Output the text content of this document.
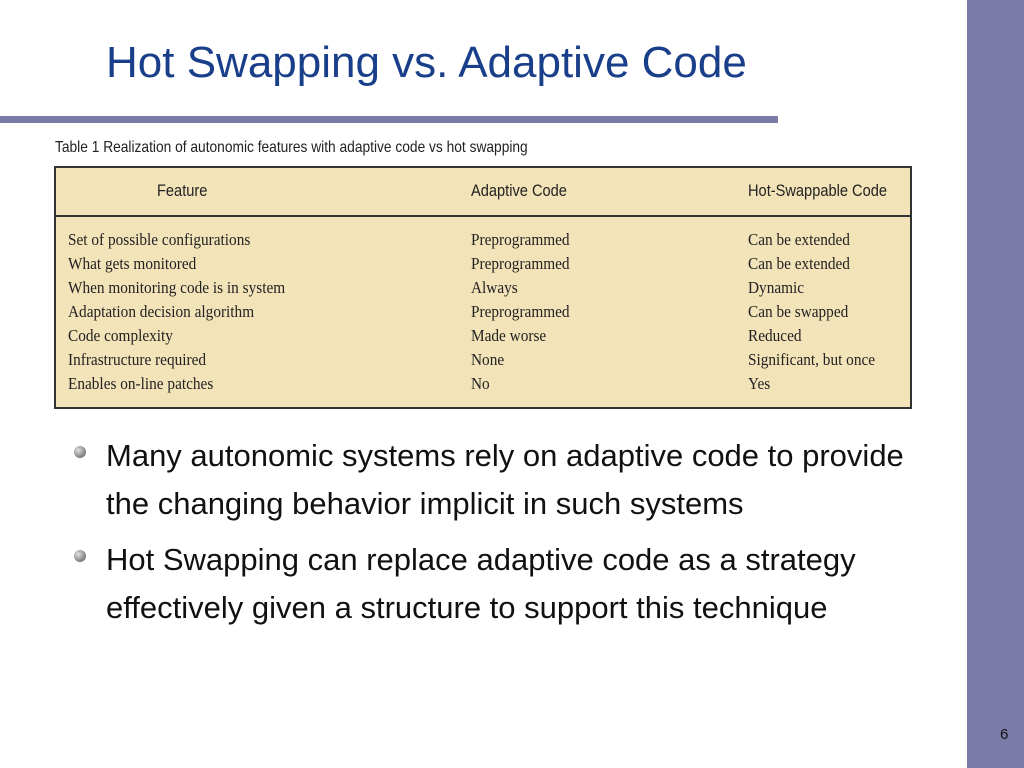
Hot Swapping vs. Adaptive Code
Table 1 Realization of autonomic features with adaptive code vs hot swapping
Feature	Adaptive Code	Hot-Swappable Code
Set of possible configurations	Preprogrammed	Can be extended
What gets monitored	Preprogrammed	Can be extended
When monitoring code is in system	Always	Dynamic
Adaptation decision algorithm	Preprogrammed	Can be swapped
Code complexity	Made worse	Reduced
Infrastructure required	None	Significant, but once
Enables on-line patches	No	Yes
Many autonomic systems rely on adaptive code to provide the changing behavior implicit in such systems
Hot Swapping can replace adaptive code as a strategy effectively given a structure to support this technique
6
